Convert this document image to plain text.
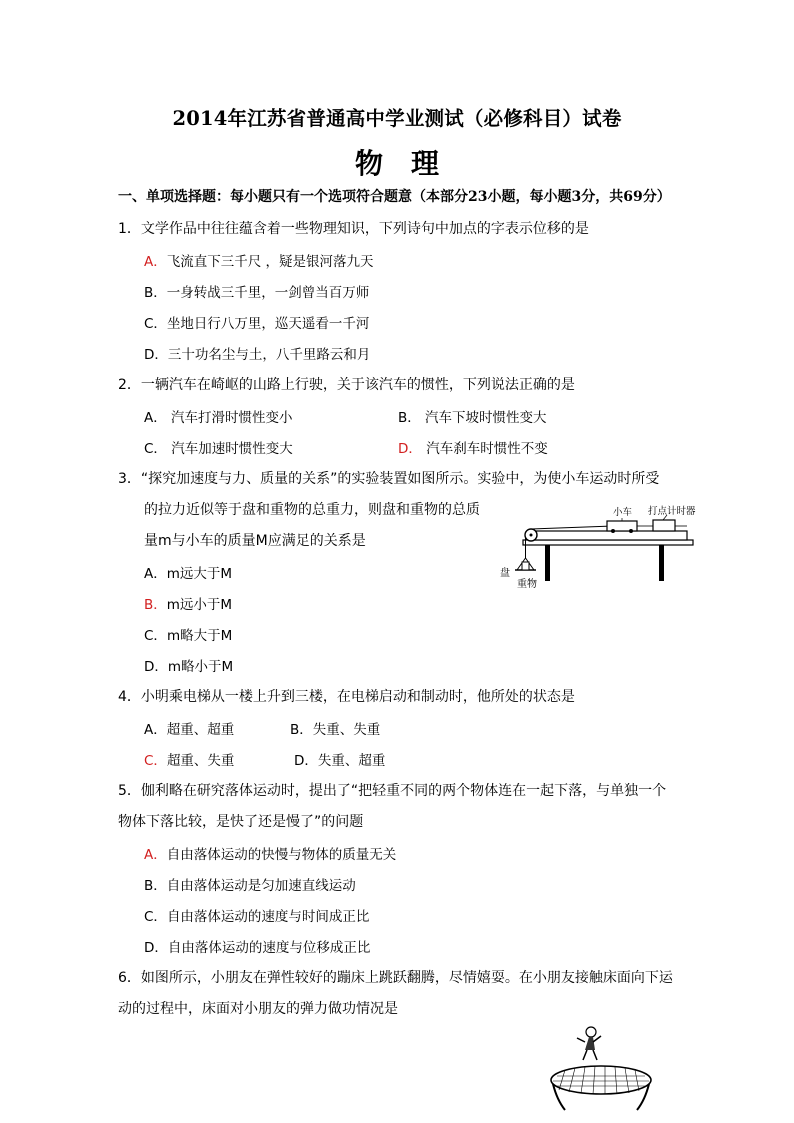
2014年江苏省普通高中学业测试（必修科目）试卷
物　理
一、单项选择题：每小题只有一个选项符合题意（本部分23小题，每小题3分，共69分）
1．文学作品中往往蕴含着一些物理知识，下列诗句中加点的字表示位移的是
A．飞流直下三千尺 ，疑是银河落九天
B．一身转战三千里，一剑曾当百万师
C．坐地日行八万里，巡天遥看一千河
D．三十功名尘与土，八千里路云和月
2．一辆汽车在崎岖的山路上行驶，关于该汽车的惯性，下列说法正确的是
A． 汽车打滑时惯性变小	B． 汽车下坡时惯性变大
C． 汽车加速时惯性变大	D． 汽车刹车时惯性不变
3．“探究加速度与力、质量的关系”的实验装置如图所示。实验中，为使小车运动时所受
的拉力近似等于盘和重物的总重力，则盘和重物的总质
量m与小车的质量M应满足的关系是
A．m远大于M
B．m远小于M
C．m略大于M
D．m略小于M
小车 打点计时器
盘
重物
4．小明乘电梯从一楼上升到三楼，在电梯启动和制动时，他所处的状态是
A．超重、超重	B．失重、失重
C．超重、失重	D．失重、超重
5．伽利略在研究落体运动时，提出了“把轻重不同的两个物体连在一起下落，与单独一个
物体下落比较，是快了还是慢了”的问题
A．自由落体运动的快慢与物体的质量无关
B．自由落体运动是匀加速直线运动
C．自由落体运动的速度与时间成正比
D．自由落体运动的速度与位移成正比
6．如图所示，小朋友在弹性较好的蹦床上跳跃翻腾，尽情嬉耍。在小朋友接触床面向下运
动的过程中，床面对小朋友的弹力做功情况是
